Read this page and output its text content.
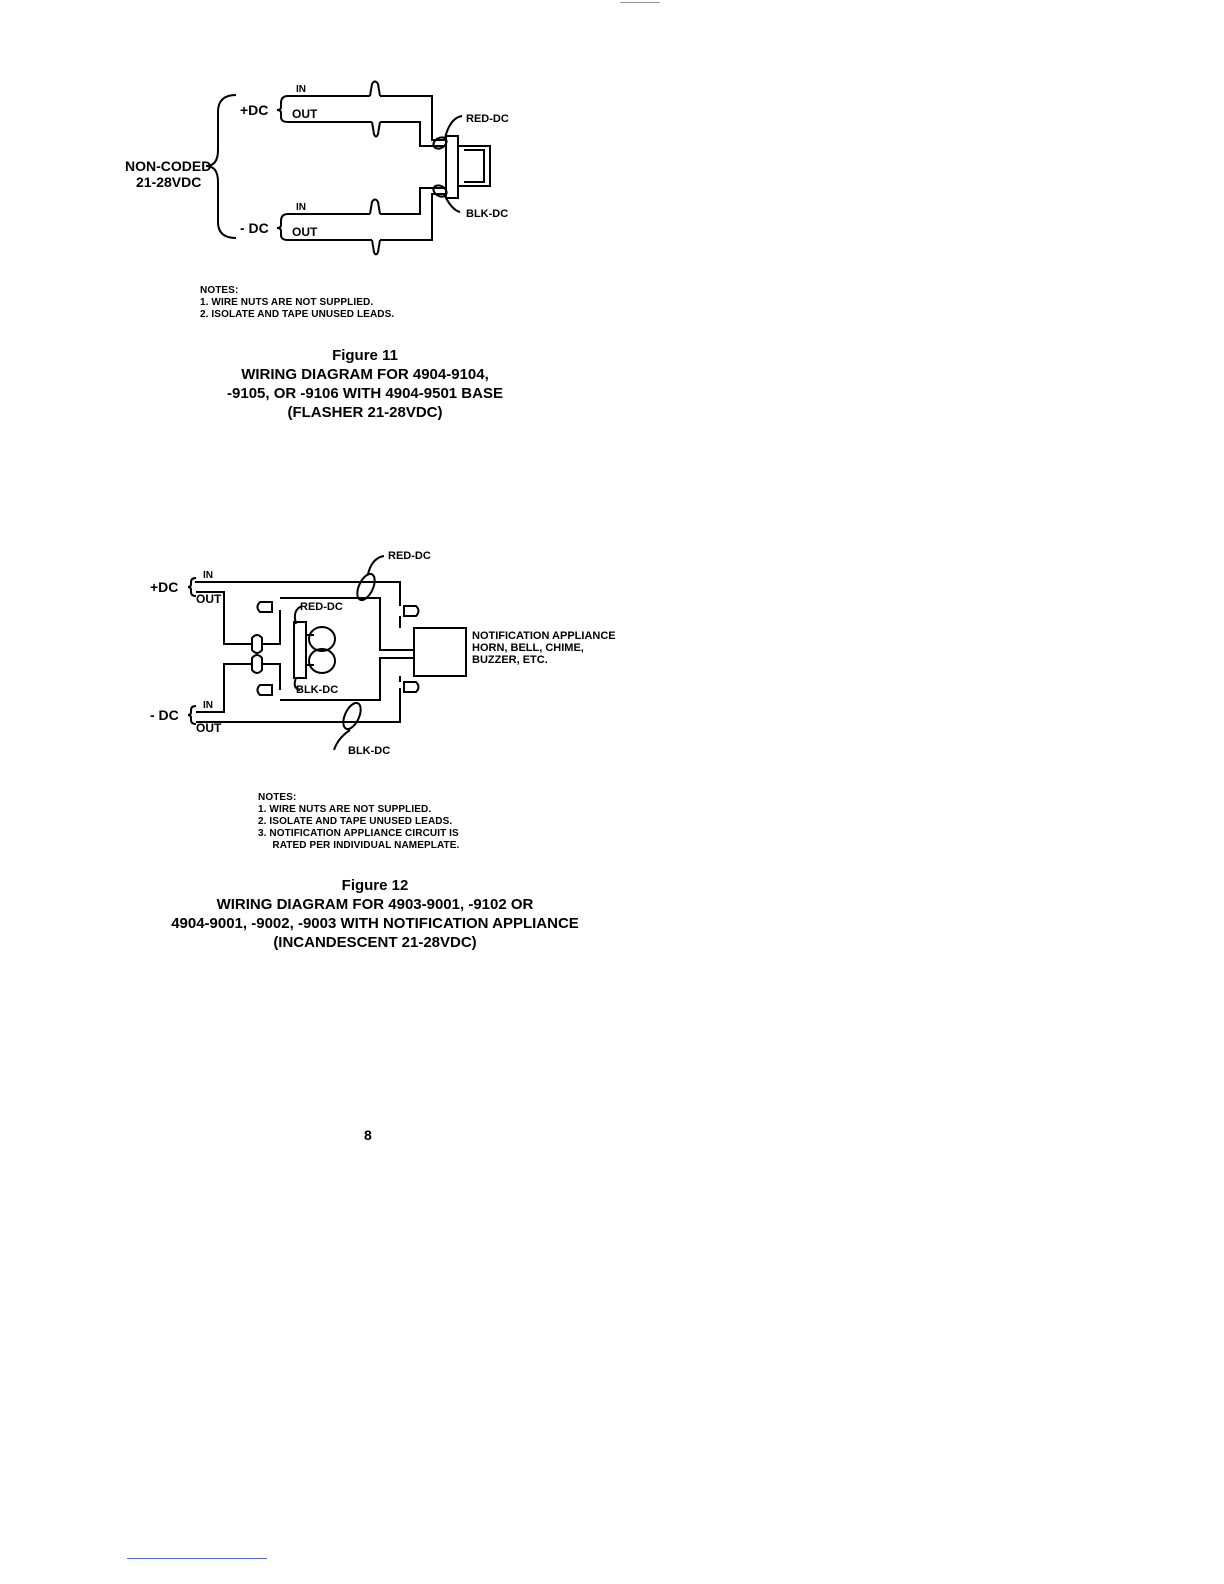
IN
+DC OUT	RED-DC
NON-CODED
21-28VDC
IN
- DC OUT
BLK-DC
NOTES:
1. WIRE NUTS ARE NOT SUPPLIED.
2. ISOLATE AND TAPE UNUSED LEADS.
Figure 11
WIRING DIAGRAM FOR 4904-9104,
-9105, OR -9106 WITH 4904-9501 BASE
(FLASHER 21-28VDC)
RED-DC
+DC
IN
OUT
RED-DC
NOTIFICATION APPLIANCE
HORN, BELL, CHIME,
BUZZER, ETC.
BLK-DC
- DC
IN
OUT
BLK-DC
NOTES:
1. WIRE NUTS ARE NOT SUPPLIED.
2. ISOLATE AND TAPE UNUSED LEADS.
3. NOTIFICATION APPLIANCE CIRCUIT IS
RATED PER INDIVIDUAL NAMEPLATE.
Figure 12
WIRING DIAGRAM FOR 4903-9001, -9102 OR
4904-9001, -9002, -9003 WITH NOTIFICATION APPLIANCE
(INCANDESCENT 21-28VDC)
8
